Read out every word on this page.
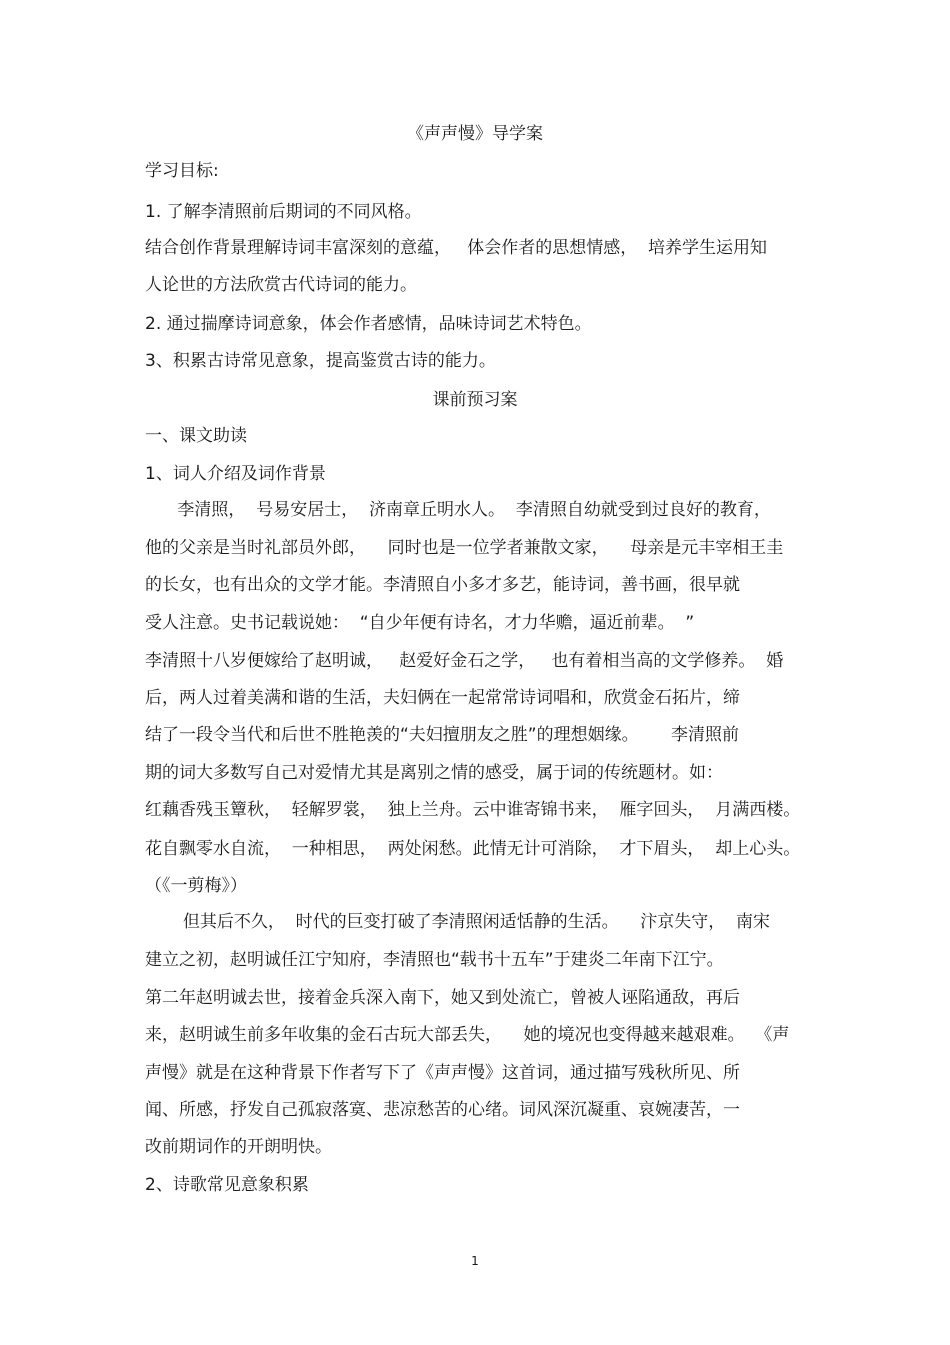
《声声慢》导学案
学习目标:
1. 了解李清照前后期词的不同风格。
结合创作背景理解诗词丰富深刻的意蕴，   体会作者的思想情感，  培养学生运用知
人论世的方法欣赏古代诗词的能力。
2. 通过揣摩诗词意象，体会作者感情，品味诗词艺术特色。
3、积累古诗常见意象，提高鉴赏古诗的能力。
课前预习案
一、课文助读
1、词人介绍及词作背景
李清照，  号易安居士，  济南章丘明水人。  李清照自幼就受到过良好的教育，
他的父亲是当时礼部员外郎，    同时也是一位学者兼散文家，    母亲是元丰宰相王圭
的长女，也有出众的文学才能。李清照自小多才多艺，能诗词，善书画，很早就
受人注意。史书记载说她：  “自少年便有诗名，才力华赡，逼近前辈。  ”
李清照十八岁便嫁给了赵明诚，   赵爱好金石之学，   也有着相当高的文学修养。  婚
后，两人过着美满和谐的生活，夫妇俩在一起常常诗词唱和，欣赏金石拓片，缔
结了一段令当代和后世不胜艳羡的“夫妇擅朋友之胜”的理想姻缘。      李清照前
期的词大多数写自己对爱情尤其是离别之情的感受，属于词的传统题材。如：
红藕香残玉簟秋，  轻解罗裳，  独上兰舟。云中谁寄锦书来，  雁字回头，  月满西楼。
花自飘零水自流，  一种相思，  两处闲愁。此情无计可消除，  才下眉头，  却上心头。
（《一剪梅》）
但其后不久，  时代的巨变打破了李清照闲适恬静的生活。    汴京失守，  南宋
建立之初，赵明诚任江宁知府，李清照也“载书十五车”于建炎二年南下江宁。
第二年赵明诚去世，接着金兵深入南下，她又到处流亡，曾被人诬陷通敌，再后
来，赵明诚生前多年收集的金石古玩大部丢失，    她的境况也变得越来越艰难。  《声
声慢》就是在这种背景下作者写下了《声声慢》这首词，通过描写残秋所见、所
闻、所感，抒发自己孤寂落寞、悲凉愁苦的心绪。词风深沉凝重、哀婉凄苦，一
改前期词作的开朗明快。
2、诗歌常见意象积累
1
